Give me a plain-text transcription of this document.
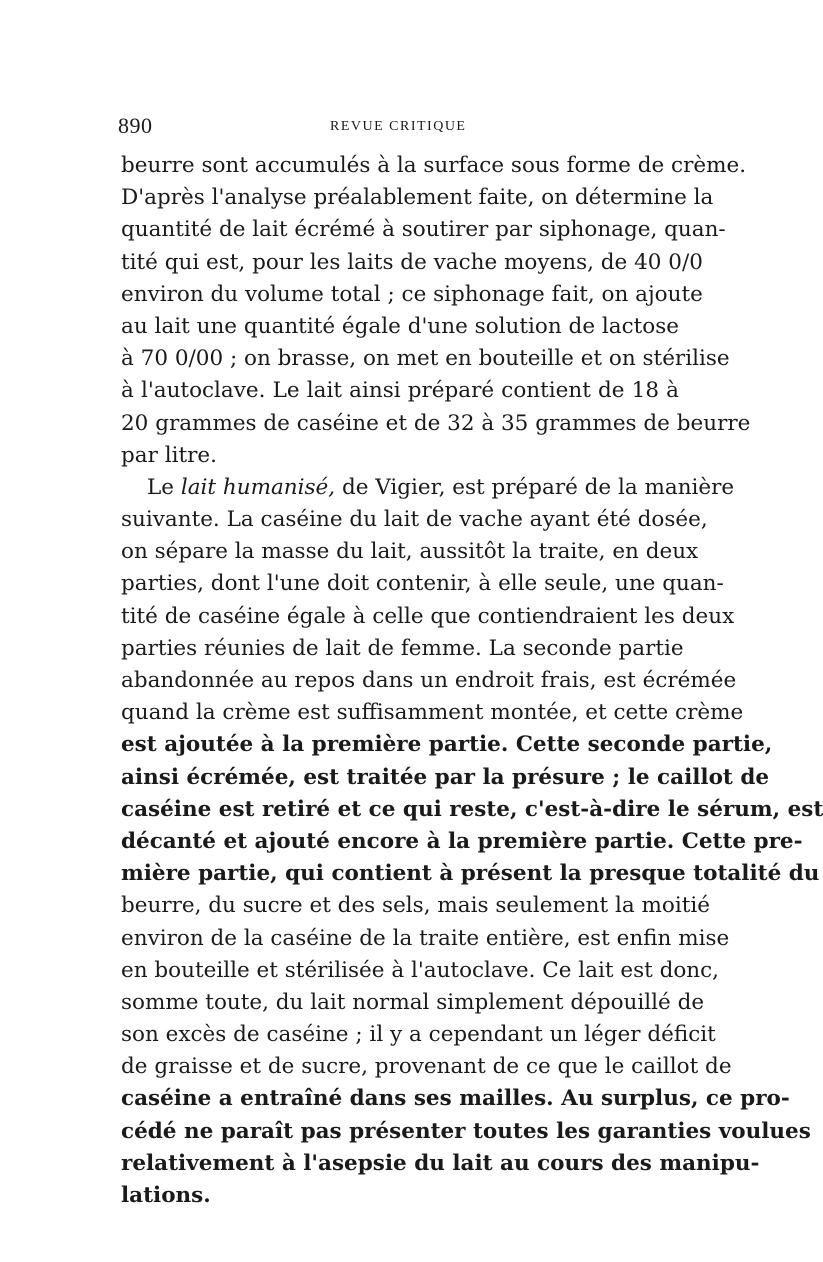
890	REVUE CRITIQUE
beurre sont accumulés à la surface sous forme de crème.
D'après l'analyse préalablement faite, on détermine la
quantité de lait écrémé à soutirer par siphonage, quan-
tité qui est, pour les laits de vache moyens, de 40 0/0
environ du volume total ; ce siphonage fait, on ajoute
au lait une quantité égale d'une solution de lactose
à 70 0/00 ; on brasse, on met en bouteille et on stérilise
à l'autoclave. Le lait ainsi préparé contient de 18 à
20 grammes de caséine et de 32 à 35 grammes de beurre
par litre.
Le lait humanisé, de Vigier, est préparé de la manière
suivante. La caséine du lait de vache ayant été dosée,
on sépare la masse du lait, aussitôt la traite, en deux
parties, dont l'une doit contenir, à elle seule, une quan-
tité de caséine égale à celle que contiendraient les deux
parties réunies de lait de femme. La seconde partie
abandonnée au repos dans un endroit frais, est écrémée
quand la crème est suffisamment montée, et cette crème
est ajoutée à la première partie. Cette seconde partie,
ainsi écrémée, est traitée par la présure ; le caillot de
caséine est retiré et ce qui reste, c'est-à-dire le sérum, est
décanté et ajouté encore à la première partie. Cette pre-
mière partie, qui contient à présent la presque totalité du
beurre, du sucre et des sels, mais seulement la moitié
environ de la caséine de la traite entière, est enfin mise
en bouteille et stérilisée à l'autoclave. Ce lait est donc,
somme toute, du lait normal simplement dépouillé de
son excès de caséine ; il y a cependant un léger déficit
de graisse et de sucre, provenant de ce que le caillot de
caséine a entraîné dans ses mailles. Au surplus, ce pro-
cédé ne paraît pas présenter toutes les garanties voulues
relativement à l'asepsie du lait au cours des manipu-
lations.
